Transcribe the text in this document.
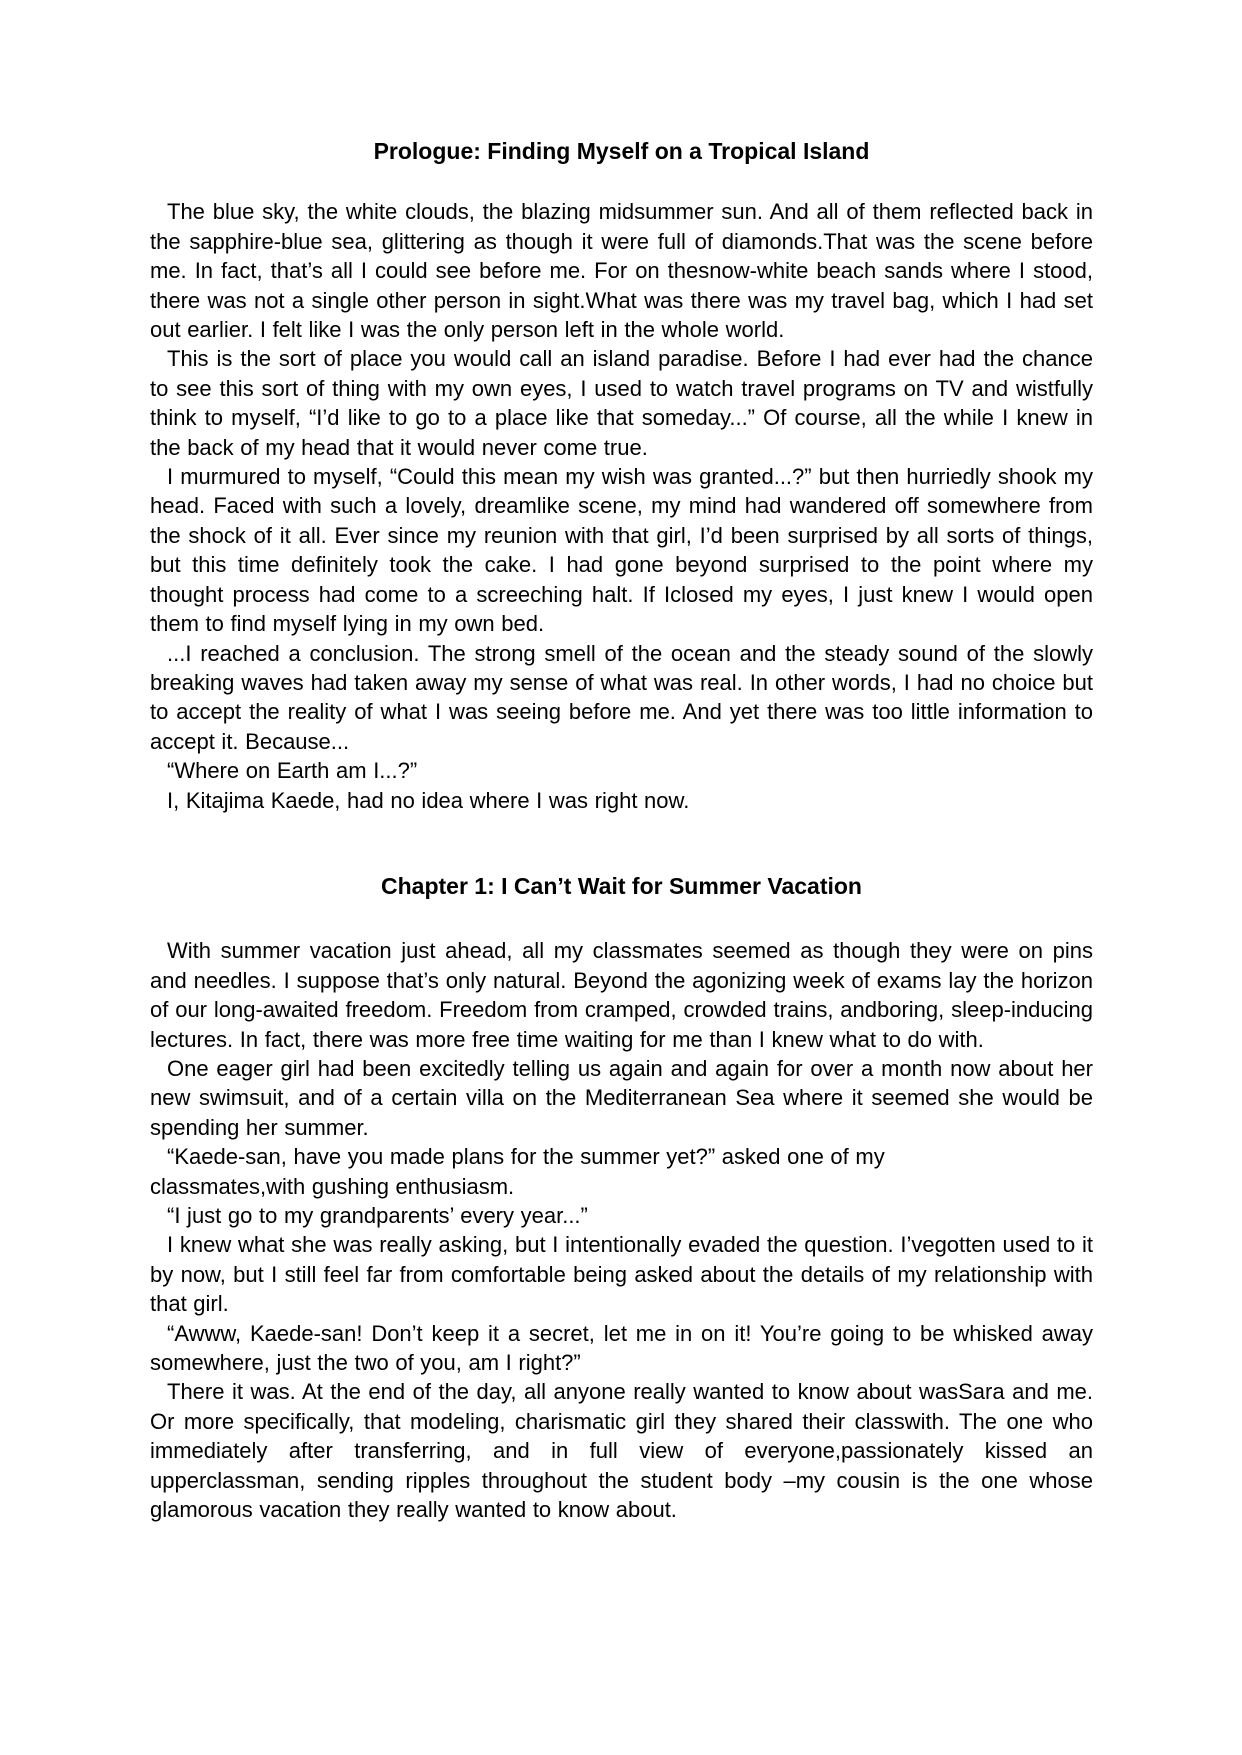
Prologue: Finding Myself on a Tropical Island

The blue sky, the white clouds, the blazing midsummer sun. And all of them reflected back in the sapphire-blue sea, glittering as though it were full of diamonds.That was the scene before me. In fact, that’s all I could see before me. For on thesnow-white beach sands where I stood, there was not a single other person in sight.What was there was my travel bag, which I had set out earlier. I felt like I was the only person left in the whole world.

This is the sort of place you would call an island paradise. Before I had ever had the chance to see this sort of thing with my own eyes, I used to watch travel programs on TV and wistfully think to myself, “I’d like to go to a place like that someday...” Of course, all the while I knew in the back of my head that it would never come true.

I murmured to myself, “Could this mean my wish was granted...?” but then hurriedly shook my head. Faced with such a lovely, dreamlike scene, my mind had wandered off somewhere from the shock of it all. Ever since my reunion with that girl, I’d been surprised by all sorts of things, but this time definitely took the cake. I had gone beyond surprised to the point where my thought process had come to a screeching halt. If Iclosed my eyes, I just knew I would open them to find myself lying in my own bed.

...I reached a conclusion. The strong smell of the ocean and the steady sound of the slowly breaking waves had taken away my sense of what was real. In other words, I had no choice but to accept the reality of what I was seeing before me. And yet there was too little information to accept it. Because...

“Where on Earth am I...?”

I, Kitajima Kaede, had no idea where I was right now.

Chapter 1: I Can’t Wait for Summer Vacation

With summer vacation just ahead, all my classmates seemed as though they were on pins and needles. I suppose that’s only natural. Beyond the agonizing week of exams lay the horizon of our long-awaited freedom. Freedom from cramped, crowded trains, andboring, sleep-inducing lectures. In fact, there was more free time waiting for me than I knew what to do with.

One eager girl had been excitedly telling us again and again for over a month now about her new swimsuit, and of a certain villa on the Mediterranean Sea where it seemed she would be spending her summer.

“Kaede-san, have you made plans for the summer yet?” asked one of my
classmates,with gushing enthusiasm.

“I just go to my grandparents’ every year...”

I knew what she was really asking, but I intentionally evaded the question. I’vegotten used to it by now, but I still feel far from comfortable being asked about the details of my relationship with that girl.

“Awww, Kaede-san! Don’t keep it a secret, let me in on it! You’re going to be whisked away somewhere, just the two of you, am I right?”

There it was. At the end of the day, all anyone really wanted to know about wasSara and me. Or more specifically, that modeling, charismatic girl they shared their classwith. The one who immediately after transferring, and in full view of everyone,passionately kissed an upperclassman, sending ripples throughout the student body –my cousin is the one whose glamorous vacation they really wanted to know about.
